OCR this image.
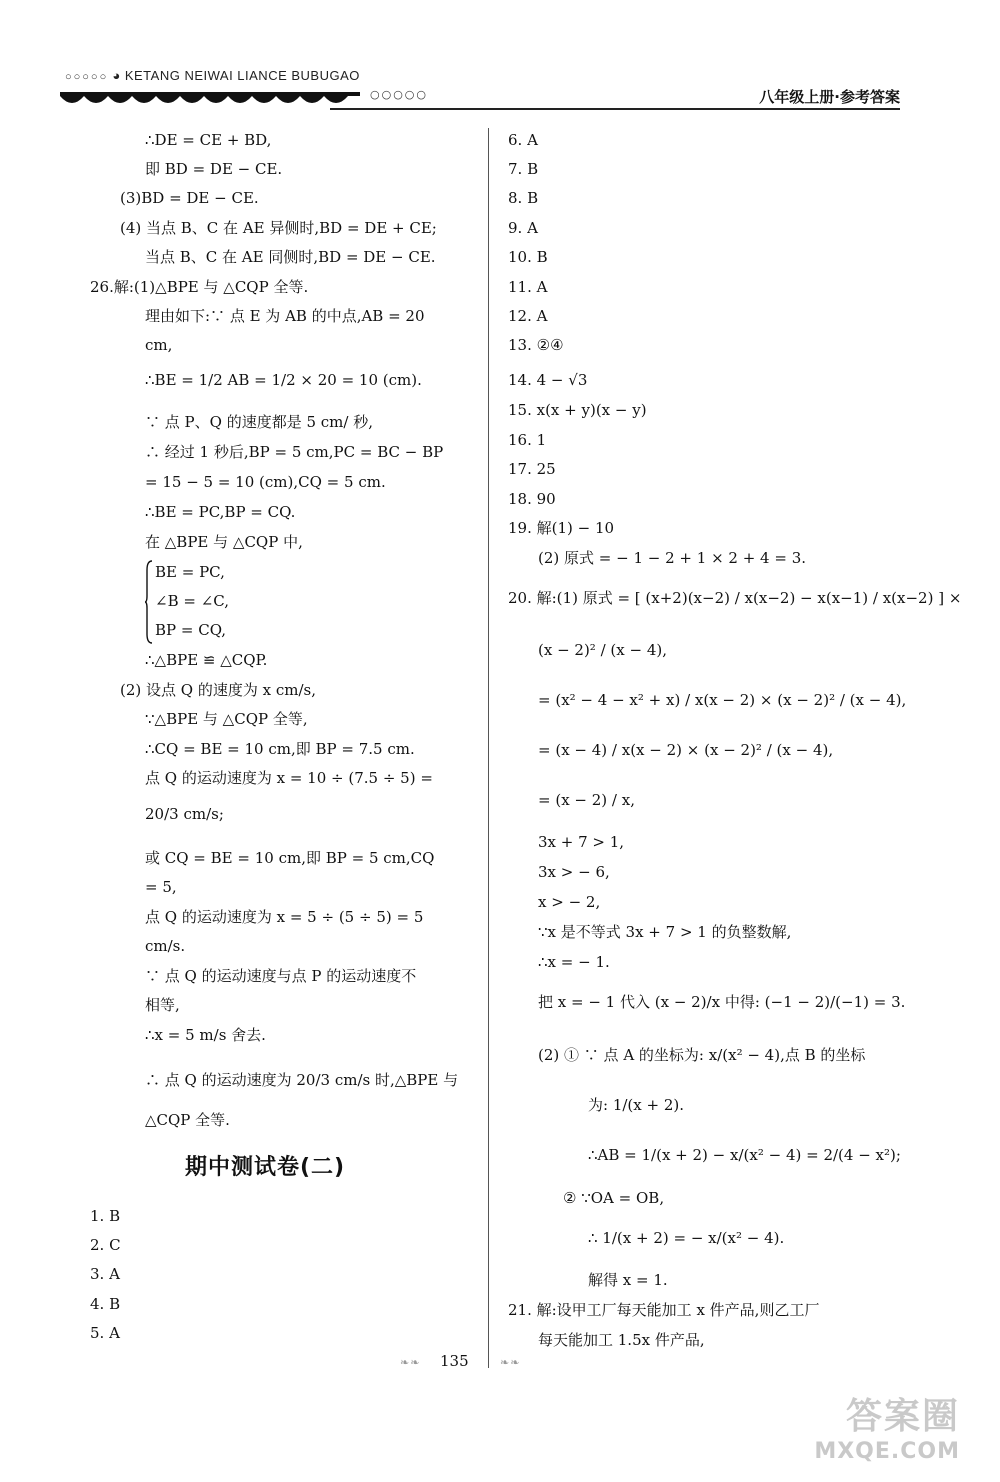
○○○○○ ◕ KETANG NEIWAI LIANCE BUBUGAO
○○○○○	八年级上册·参考答案
∴DE = CE + BD,
即 BD = DE − CE.
(3)BD = DE − CE.
(4) 当点 B、C 在 AE 异侧时,BD = DE + CE;
当点 B、C 在 AE 同侧时,BD = DE − CE.
26.解:(1)△BPE 与 △CQP 全等.
理由如下:∵ 点 E 为 AB 的中点,AB = 20
cm,
∴BE = 1/2 AB = 1/2 × 20 = 10 (cm).
∵ 点 P、Q 的速度都是 5 cm/ 秒,
∴ 经过 1 秒后,BP = 5 cm,PC = BC − BP
= 15 − 5 = 10 (cm),CQ = 5 cm.
∴BE = PC,BP = CQ.
在 △BPE 与 △CQP 中,
BE = PC,
∠B = ∠C,
BP = CQ,
∴△BPE ≌ △CQP.
(2) 设点 Q 的速度为 x cm/s,
∵△BPE 与 △CQP 全等,
∴CQ = BE = 10 cm,即 BP = 7.5 cm.
点 Q 的运动速度为 x = 10 ÷ (7.5 ÷ 5) =
20/3 cm/s;
或 CQ = BE = 10 cm,即 BP = 5 cm,CQ
= 5,
点 Q 的运动速度为 x = 5 ÷ (5 ÷ 5) = 5
cm/s.
∵ 点 Q 的运动速度与点 P 的运动速度不
相等,
∴x = 5 m/s 舍去.
∴ 点 Q 的运动速度为 20/3 cm/s 时,△BPE 与
△CQP 全等.
1. B
2. C
3. A
4. B
5. A
期中测试卷(二)
6. A
7. B
8. B
9. A
10. B
11. A
12. A
13. ②④
14. 4 − √3
15. x(x + y)(x − y)
16. 1
17. 25
18. 90
19. 解(1) − 10
(2) 原式 = − 1 − 2 + 1 × 2 + 4 = 3.
20. 解:(1) 原式 = [ (x+2)(x−2) / x(x−2) − x(x−1) / x(x−2) ] ×
(x − 2)² / (x − 4),
= (x² − 4 − x² + x) / x(x − 2) × (x − 2)² / (x − 4),
= (x − 4) / x(x − 2) × (x − 2)² / (x − 4),
= (x − 2) / x,
3x + 7 > 1,
3x > − 6,
x > − 2,
∵x 是不等式 3x + 7 > 1 的负整数解,
∴x = − 1.
把 x = − 1 代入 (x − 2)/x 中得: (−1 − 2)/(−1) = 3.
(2) ① ∵ 点 A 的坐标为: x/(x² − 4),点 B 的坐标
为: 1/(x + 2).
∴AB = 1/(x + 2) − x/(x² − 4) = 2/(4 − x²);
② ∵OA = OB,
∴ 1/(x + 2) = − x/(x² − 4).
解得 x = 1.
21. 解:设甲工厂每天能加工 x 件产品,则乙工厂
每天能加工 1.5x 件产品,
❧❧ 135	❧❧
答案圈
MXQE.COM
